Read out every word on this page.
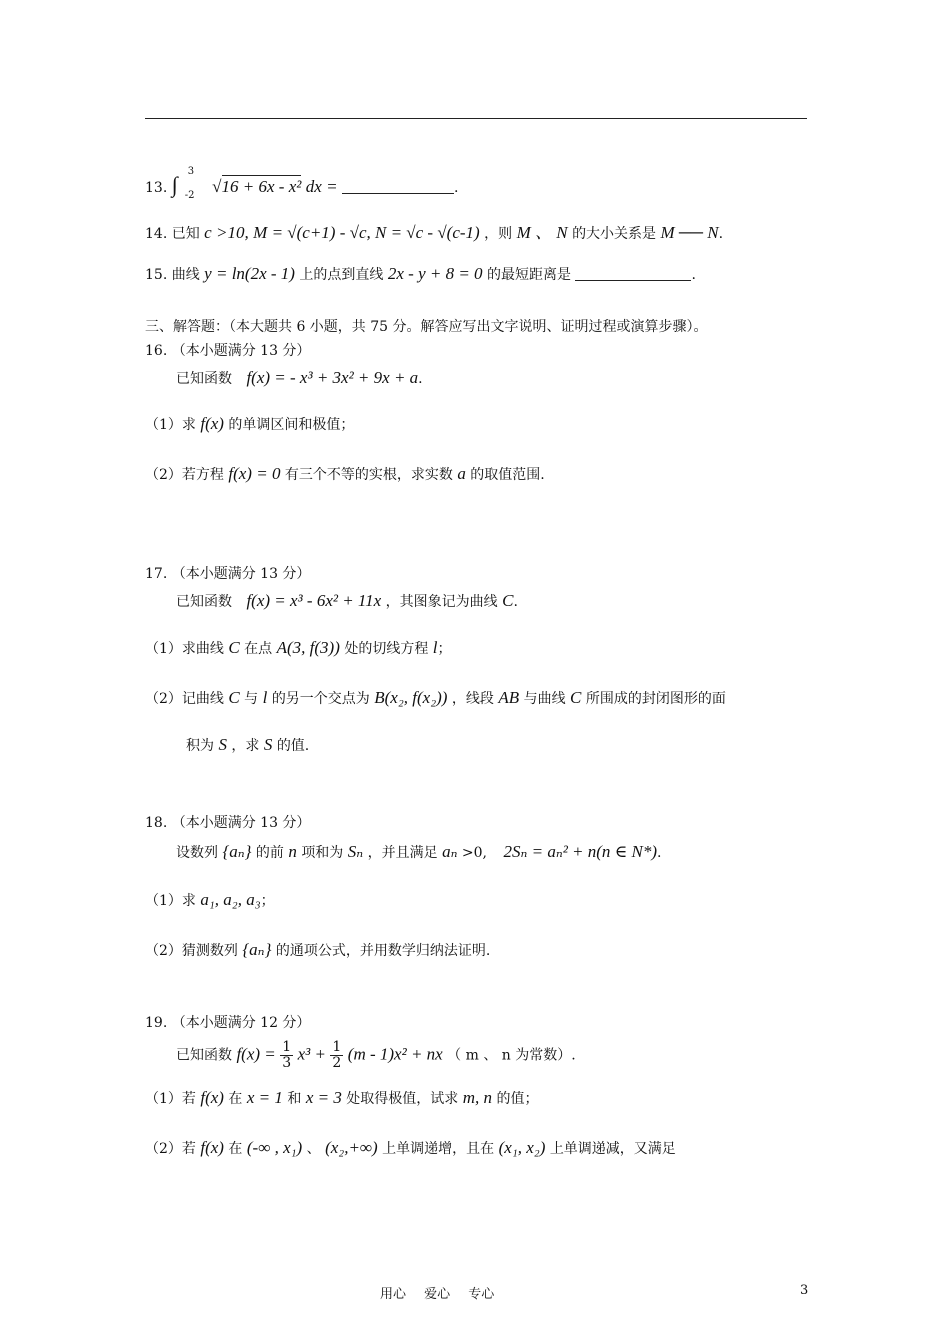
13. ∫
3
-2 √16 + 6x - x² dx =	.
14. 已知 c >10, M = √(c+1) - √c, N = √c - √(c-1) ，则 M 、 N 的大小关系是 M ── N.
15. 曲线 y = ln(2x - 1) 上的点到直线 2x - y + 8 = 0 的最短距离是	.
三、解答题：（本大题共 6 小题，共 75 分。解答应写出文字说明、证明过程或演算步骤）。
16. （本小题满分 13 分）
已知函数 f(x) = - x³ + 3x² + 9x + a.
（1）求 f(x) 的单调区间和极值；
（2）若方程 f(x) = 0 有三个不等的实根，求实数 a 的取值范围.
17. （本小题满分 13 分）
已知函数 f(x) = x³ - 6x² + 11x ，其图象记为曲线 C.
（1）求曲线 C 在点 A(3, f(3)) 处的切线方程 l；
（2）记曲线 C 与 l 的另一个交点为 B(x₂, f(x₂)) ，线段 AB 与曲线 C 所围成的封闭图形的面
积为 S ，求 S 的值.
18. （本小题满分 13 分）
设数列 {aₙ} 的前 n 项和为 Sₙ ，并且满足 aₙ >0, 2Sₙ = aₙ² + n(n ∈ N*).
（1）求 a₁, a₂, a₃；
（2）猜测数列 {aₙ} 的通项公式，并用数学归纳法证明.
19. （本小题满分 12 分）
已知函数 $f(x) = \frac{1}{3} x^3 + \frac{1}{2} (m - 1)x^2$ + nx （ m 、 n 为常数）.
（1）若 f(x) 在 x = 1 和 x = 3 处取得极值，试求 m, n 的值；
（2）若 f(x) 在 (-∞ , x₁) 、 (x₂,+∞) 上单调递增，且在 (x₁, x₂) 上单调递减，又满足
用心 爱心 专心	3
